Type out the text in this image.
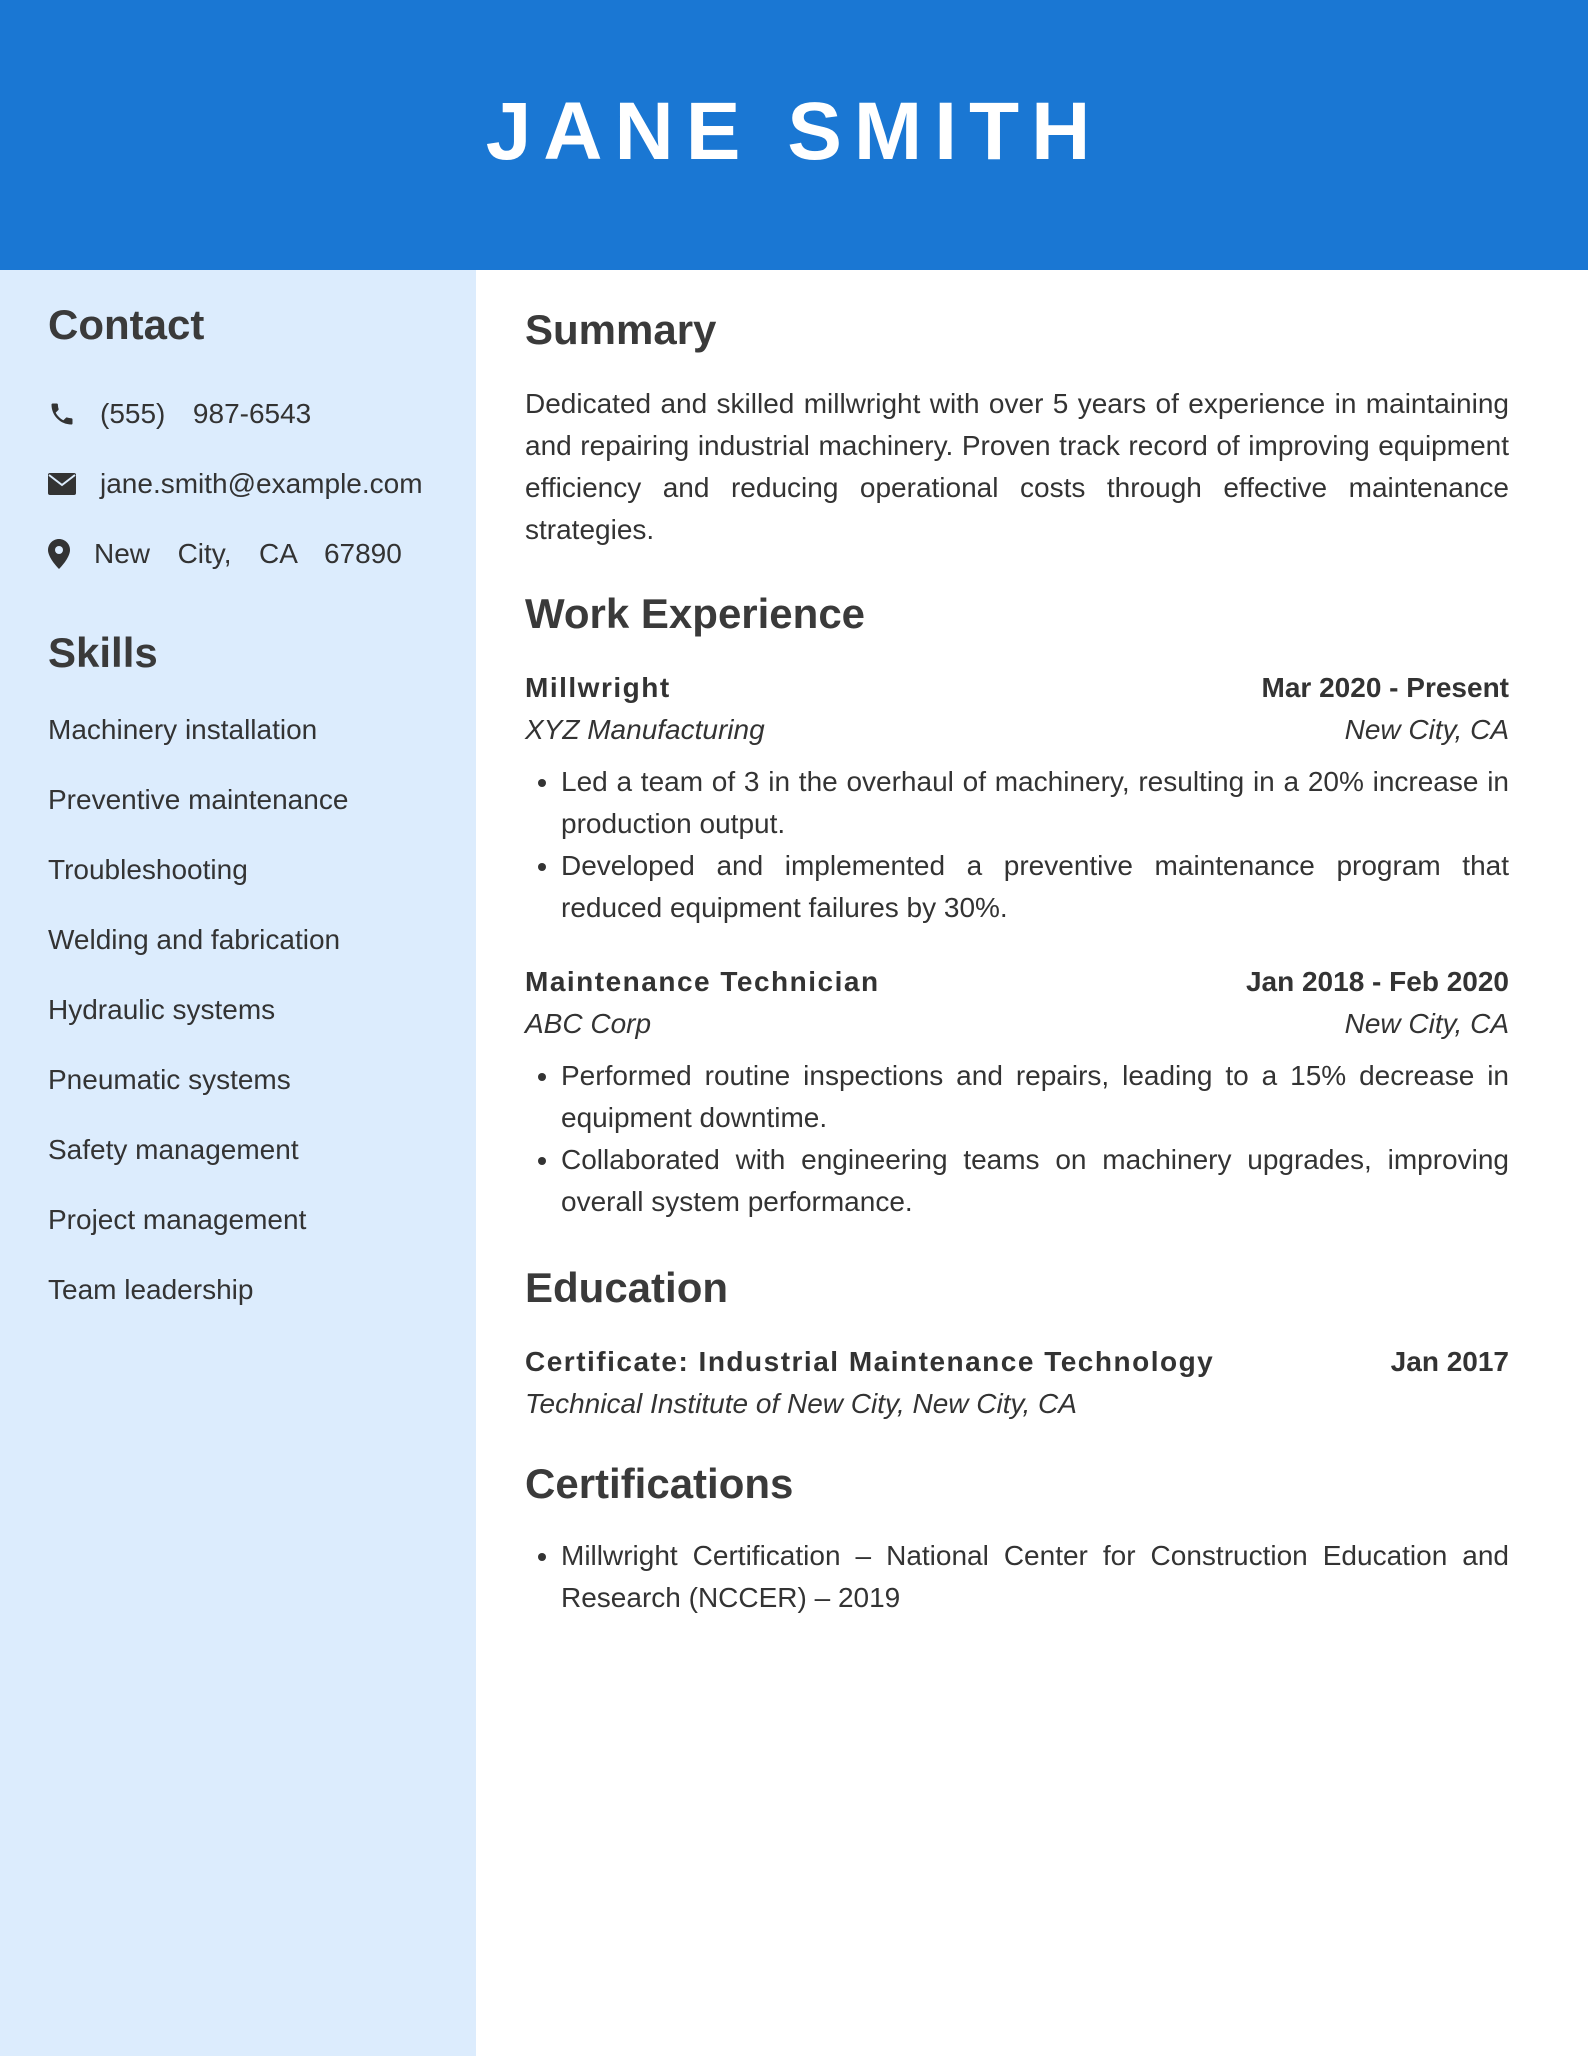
JANE SMITH
Contact
(555)  987-6543
jane.smith@example.com
New  City,  CA  67890
Skills
Machinery installation
Preventive maintenance
Troubleshooting
Welding and fabrication
Hydraulic systems
Pneumatic systems
Safety management
Project management
Team leadership
Summary

Dedicated and skilled millwright with over 5 years of experience in maintaining and repairing industrial machinery. Proven track record of improving equipment efficiency and reducing operational costs through effective maintenance strategies.

Work Experience
Millwright	Mar 2020 - Present
XYZ Manufacturing	New City, CA
• Led a team of 3 in the overhaul of machinery, resulting in a 20% increase in production output.
• Developed and implemented a preventive maintenance program that reduced equipment failures by 30%.
Maintenance Technician	Jan 2018 - Feb 2020
ABC Corp	New City, CA
• Performed routine inspections and repairs, leading to a 15% decrease in equipment downtime.
• Collaborated with engineering teams on machinery upgrades, improving overall system performance.
Education
Certificate: Industrial Maintenance Technology	Jan 2017
Technical Institute of New City, New City, CA
Certifications
• Millwright Certification – National Center for Construction Education and Research (NCCER) – 2019
